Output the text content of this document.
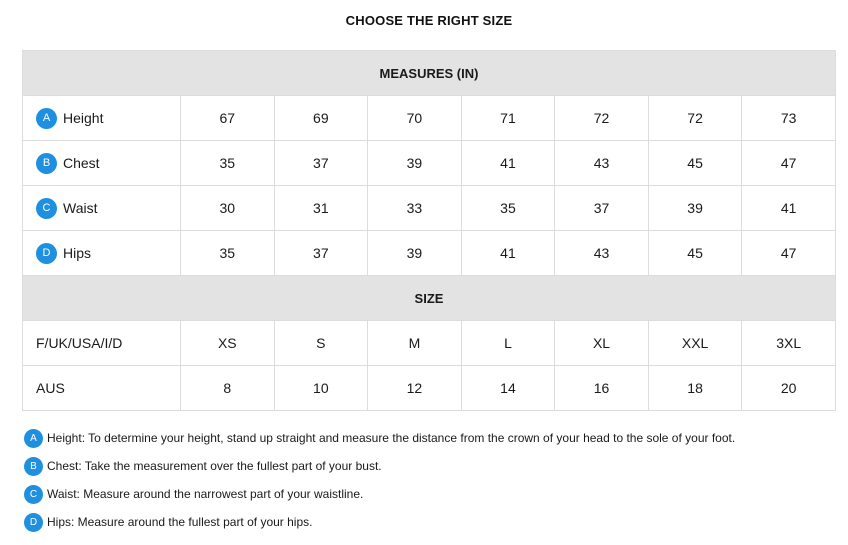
CHOOSE THE RIGHT SIZE
MEASURES (IN)							

A Height	67	69	70	71	72	72	73

B Chest	35	37	39	41	43	45	47

C Waist	30	31	33	35	37	39	41

D Hips	35	37	39	41	43	45	47
SIZE							
F/UK/USA/I/D	XS	S	M	L	XL	XXL	3XL
AUS	8	10	12	14	16	18	20
A Height: To determine your height, stand up straight and measure the distance from the crown of your head to the sole of your foot.
B Chest: Take the measurement over the fullest part of your bust.
C Waist: Measure around the narrowest part of your waistline.
D Hips: Measure around the fullest part of your hips.
